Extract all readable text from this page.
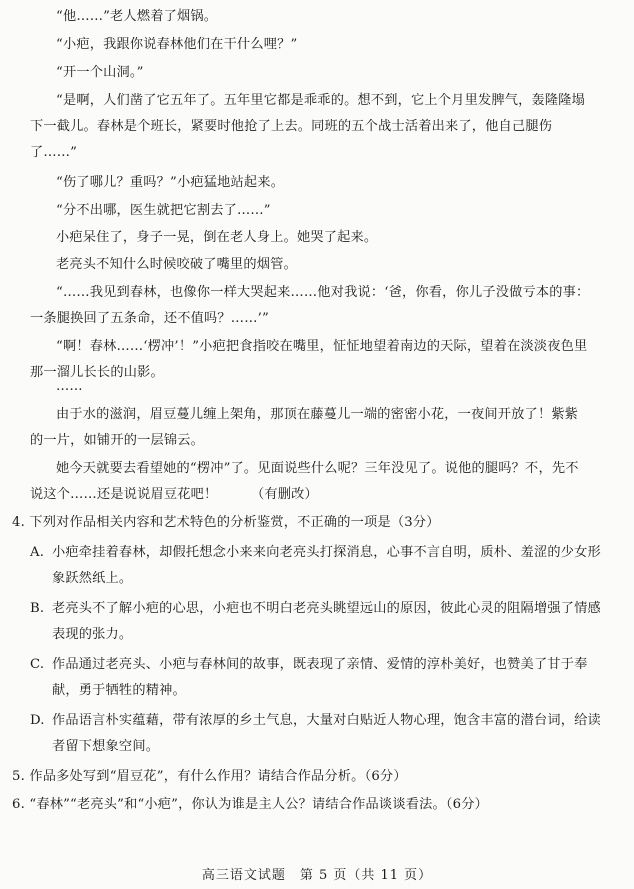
“他……”老人燃着了烟锅。

“小疤，我跟你说春林他们在干什么哩？”

“开一个山洞。”

“是啊，人们凿了它五年了。五年里它都是乖乖的。想不到，它上个月里发脾气，轰隆隆塌下一截儿。春林是个班长，紧要时他抢了上去。同班的五个战士活着出来了，他自己腿伤了……”

“伤了哪儿？重吗？”小疤猛地站起来。

“分不出哪，医生就把它割去了……”

小疤呆住了，身子一晃，倒在老人身上。她哭了起来。

老亮头不知什么时候咬破了嘴里的烟管。

“……我见到春林，也像你一样大哭起来……他对我说：‘爸，你看，你儿子没做亏本的事：一条腿换回了五条命，还不值吗？……’”

“啊！春林……‘楞冲’！”小疤把食指咬在嘴里，怔怔地望着南边的天际，望着在淡淡夜色里那一溜儿长长的山影。

……

由于水的滋润，眉豆蔓儿缠上架角，那顶在藤蔓儿一端的密密小花，一夜间开放了！紫紫的一片，如铺开的一层锦云。

她今天就要去看望她的“楞冲”了。见面说些什么呢？三年没见了。说他的腿吗？不，先不说这个……还是说说眉豆花吧！　　　（有删改）

4. 下列对作品相关内容和艺术特色的分析鉴赏，不正确的一项是（3分）

A. 小疤牵挂着春林，却假托想念小来来向老亮头打探消息，心事不言自明，质朴、羞涩的少女形象跃然纸上。
B. 老亮头不了解小疤的心思，小疤也不明白老亮头眺望远山的原因，彼此心灵的阻隔增强了情感表现的张力。
C. 作品通过老亮头、小疤与春林间的故事，既表现了亲情、爱情的淳朴美好，也赞美了甘于奉献，勇于牺牲的精神。
D. 作品语言朴实蕴藉，带有浓厚的乡土气息，大量对白贴近人物心理，饱含丰富的潜台词，给读者留下想象空间。

5. 作品多处写到“眉豆花”，有什么作用？请结合作品分析。（6分）

6. “春林”“老亮头”和“小疤”，你认为谁是主人公？请结合作品谈谈看法。（6分）

高三语文试题　第 5 页（共 11 页）
